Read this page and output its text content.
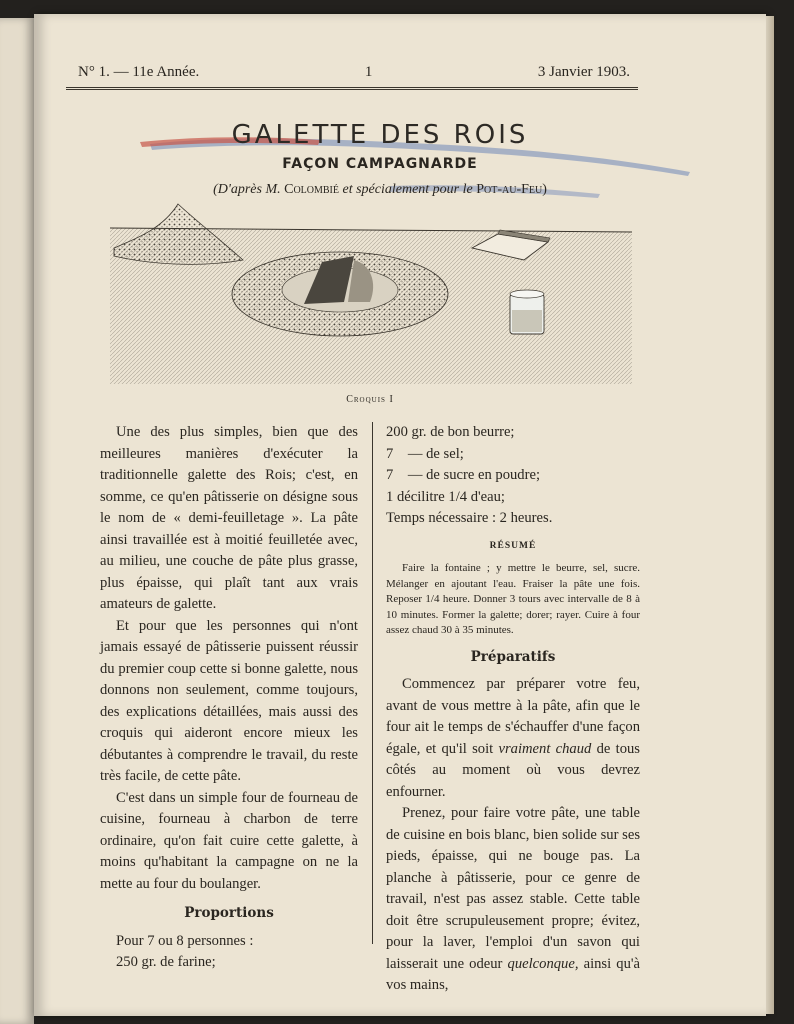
N° 1. — 11e Année.	1	3 Janvier 1903.
GALETTE DES ROIS
FAÇON CAMPAGNARDE
(D'après M. Colombié et spécialement pour le Pot-au-Feu)
Croquis I

Une des plus simples, bien que des meilleures manières d'exécuter la traditionnelle galette des Rois; c'est, en somme, ce qu'en pâtisserie on désigne sous le nom de « demi-feuilletage ». La pâte ainsi travaillée est à moitié feuilletée avec, au milieu, une couche de pâte plus grasse, plus épaisse, qui plaît tant aux vrais amateurs de galette.

Et pour que les personnes qui n'ont jamais essayé de pâtisserie puissent réussir du premier coup cette si bonne galette, nous donnons non seulement, comme toujours, des explications détaillées, mais aussi des croquis qui aideront encore mieux les débutantes à comprendre le travail, du reste très facile, de cette pâte.

C'est dans un simple four de fourneau de cuisine, fourneau à charbon de terre ordinaire, qu'on fait cuire cette galette, à moins qu'habitant la campagne on ne la mette au four du boulanger.

Proportions

Pour 7 ou 8 personnes :

250 gr. de farine;

200 gr. de bon beurre;

7 — de sel;

7 — de sucre en poudre;

1 décilitre 1/4 d'eau;

Temps nécessaire : 2 heures.

RÉSUMÉ

Faire la fontaine ; y mettre le beurre, sel, sucre. Mélanger en ajoutant l'eau. Fraiser la pâte une fois. Reposer 1/4 heure. Donner 3 tours avec intervalle de 8 à 10 minutes. Former la galette; dorer; rayer. Cuire à four assez chaud 30 à 35 minutes.

Préparatifs

Commencez par préparer votre feu, avant de vous mettre à la pâte, afin que le four ait le temps de s'échauffer d'une façon égale, et qu'il soit vraiment chaud de tous côtés au moment où vous devrez enfourner.

Prenez, pour faire votre pâte, une table de cuisine en bois blanc, bien solide sur ses pieds, épaisse, qui ne bouge pas. La planche à pâtisserie, pour ce genre de travail, n'est pas assez stable. Cette table doit être scrupuleusement propre; évitez, pour la laver, l'emploi d'un savon qui laisserait une odeur quelconque, ainsi qu'à vos mains,
